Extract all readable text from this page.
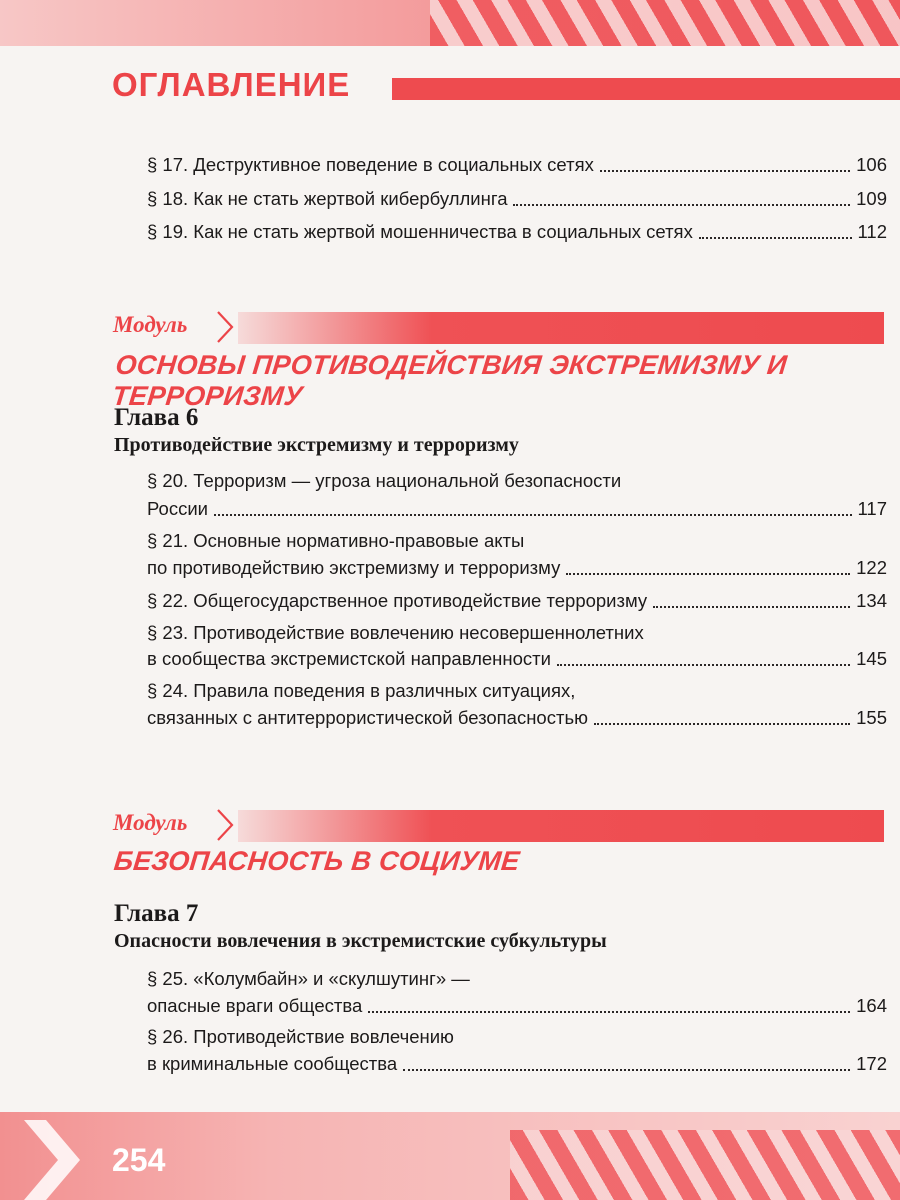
ОГЛАВЛЕНИЕ
§ 17. Деструктивное поведение в социальных сетях	106
§ 18. Как не стать жертвой кибербуллинга	109
§ 19. Как не стать жертвой мошенничества в социальных сетях	112
Модуль
ОСНОВЫ ПРОТИВОДЕЙСТВИЯ ЭКСТРЕМИЗМУ И ТЕРРОРИЗМУ
Глава 6
Противодействие экстремизму и терроризму
§ 20. Терроризм — угроза национальной безопасности
России	117
§ 21. Основные нормативно-правовые акты
по противодействию экстремизму и терроризму	122
§ 22. Общегосударственное противодействие терроризму	134
§ 23. Противодействие вовлечению несовершеннолетних
в сообщества экстремистской направленности	145
§ 24. Правила поведения в различных ситуациях,
связанных с антитеррористической безопасностью	155
Модуль
БЕЗОПАСНОСТЬ В СОЦИУМЕ
Глава 7
Опасности вовлечения в экстремистские субкультуры
§ 25. «Колумбайн» и «скулшутинг» —
опасные враги общества	164
§ 26. Противодействие вовлечению
в криминальные сообщества	172
254
